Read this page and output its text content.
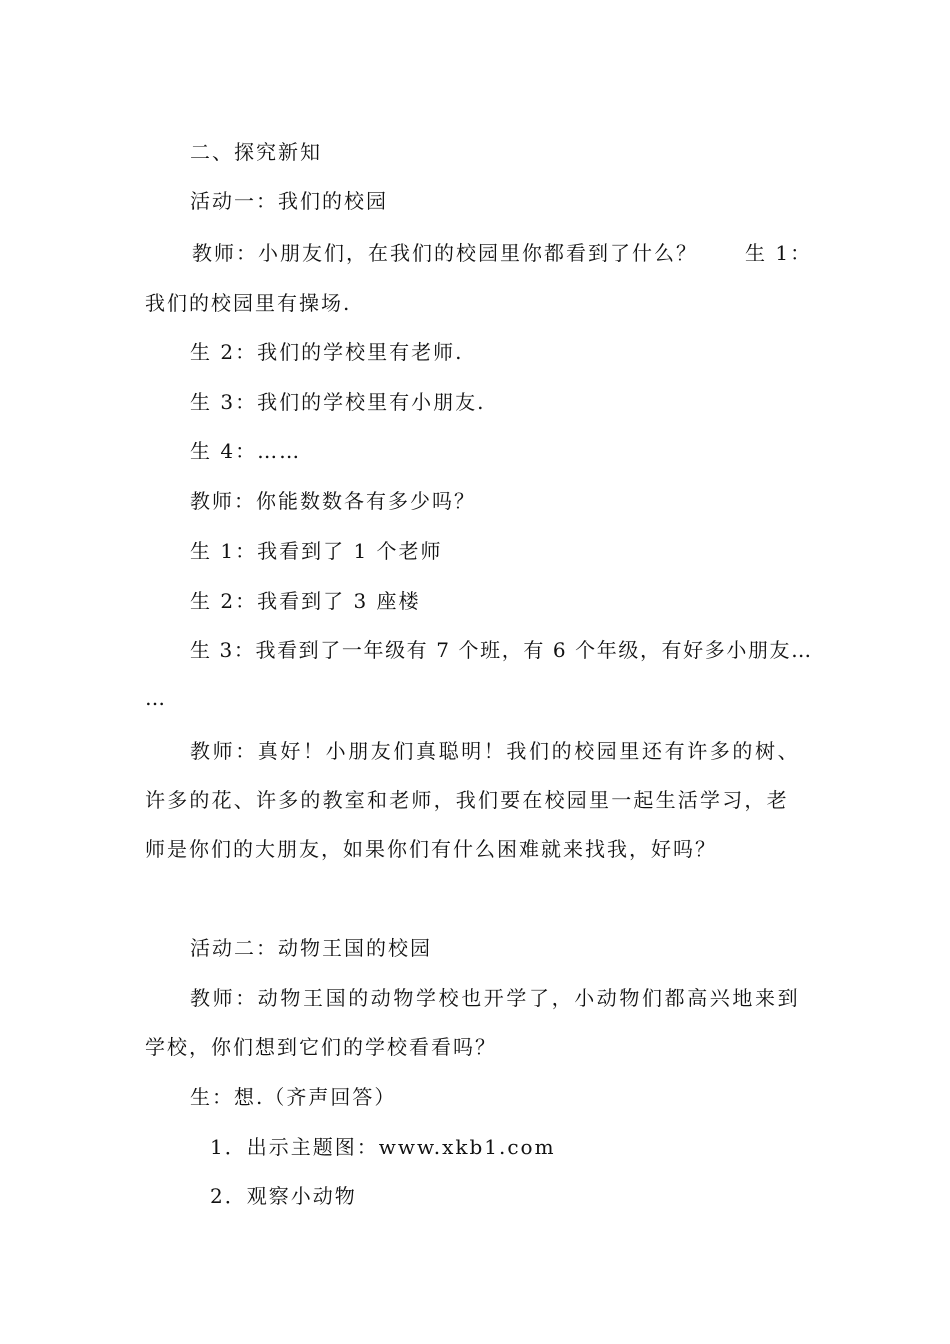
二、探究新知
活动一：我们的校园
教师：小朋友们，在我们的校园里你都看到了什么？ 生 1：
我们的校园里有操场.
生 2：我们的学校里有老师.
生 3：我们的学校里有小朋友.
生 4：……
教师：你能数数各有多少吗？
生 1：我看到了 1 个老师
生 2：我看到了 3 座楼
生 3：我看到了一年级有 7 个班，有 6 个年级，有好多小朋友…
…
教师：真好！小朋友们真聪明！我们的校园里还有许多的树、
许多的花、许多的教室和老师，我们要在校园里一起生活学习，老
师是你们的大朋友，如果你们有什么困难就来找我，好吗？
活动二：动物王国的校园
教师：动物王国的动物学校也开学了，小动物们都高兴地来到
学校，你们想到它们的学校看看吗？
生：想.（齐声回答）
1．出示主题图：www.xkb1.com
2．观察小动物
